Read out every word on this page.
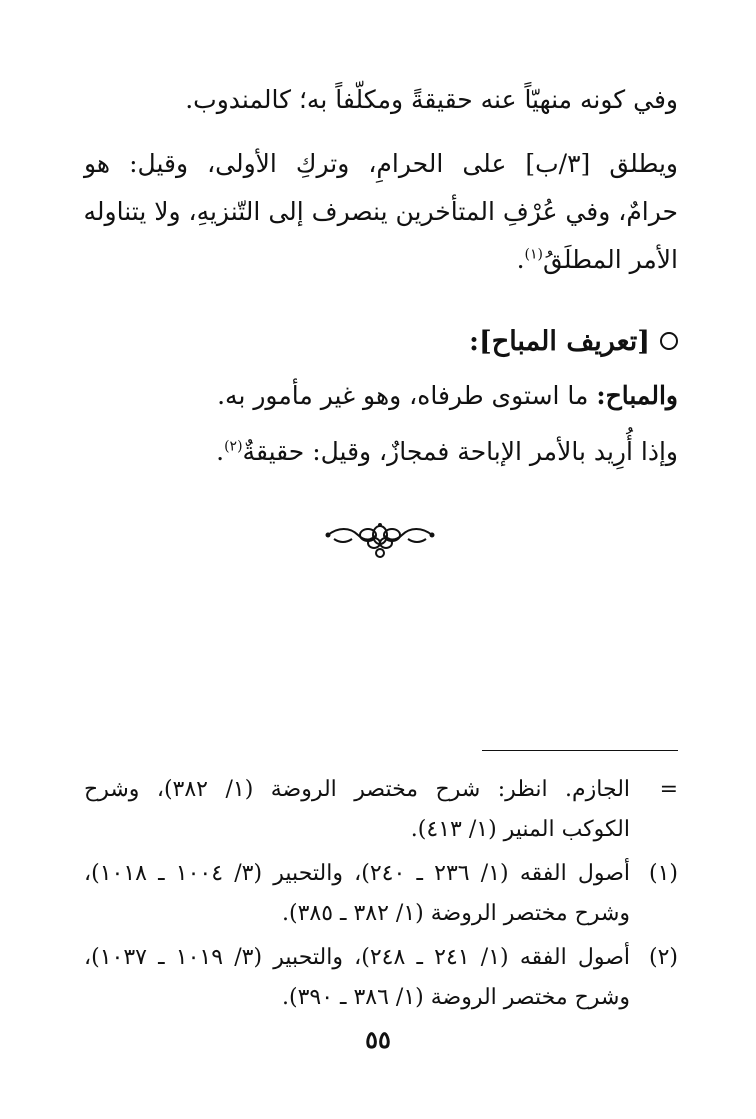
وفي كونه منهيّاً عنه حقيقةً ومكلّفاً به؛ كالمندوب.
ويطلق [٣/ب] على الحرامِ، وتركِ الأولى، وقيل: هو
حرامٌ، وفي عُرْفِ المتأخرين ينصرف إلى التّنزيهِ، ولا يتناوله
الأمر المطلَقُ$^{(١)}$.
[تعريف المباح]:
والمباح: ما استوى طرفاه، وهو غير مأمور به.
وإذا أُرِيد بالأمر الإباحة فمجازٌ، وقيل: حقيقةٌ$^{(٢)}$.
=
الجازم. انظر: شرح مختصر الروضة (١/ ٣٨٢)، وشرح
الكوكب المنير (١/ ٤١٣).
(١)
أصول الفقه (١/ ٢٣٦ ـ ٢٤٠)، والتحبير (٣/ ١٠٠٤ ـ ١٠١٨)،
وشرح مختصر الروضة (١/ ٣٨٢ ـ ٣٨٥).
(٢)
أصول الفقه (١/ ٢٤١ ـ ٢٤٨)، والتحبير (٣/ ١٠١٩ ـ ١٠٣٧)،
وشرح مختصر الروضة (١/ ٣٨٦ ـ ٣٩٠).
٥٥
